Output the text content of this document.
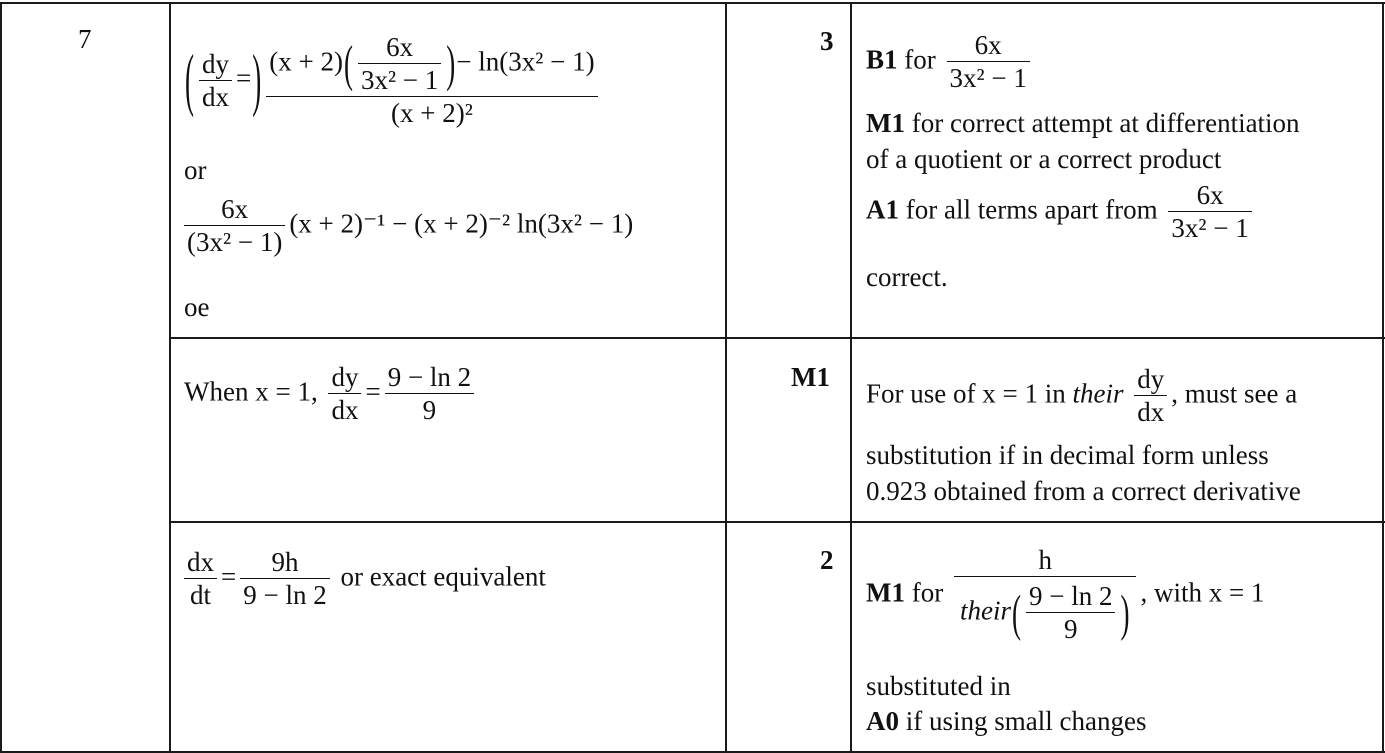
7
( $\frac{dy}{dx}$ =) $\frac{(x + 2)( \frac{6x}{\text{3x² − 1}} )- \ln(3x^2 - 1)}{\text{(x + 2)²}}$
or
$\frac{6x}{\text{(3x² − 1)}} (x + 2)^{-1} - (x + 2)^{-2}$ ln(3x² − 1)
oe
3
B1 for $\frac{6x}{\text{3x² − 1}}$
M1 for correct attempt at differentiation
of a quotient or a correct product
A1 for all terms apart from $\frac{6x}{\text{3x² − 1}}$
correct.
When x = 1, $\frac{dy}{dx} = \frac{9 - \ln 2}{9}$	M1
For use of x = 1 in their $\frac{dy}{dx}$ , must see a
substitution if in decimal form unless
0.923 obtained from a correct derivative
$\frac{dx}{dt} = \frac{9h}{9 - \ln 2}$ or exact equivalent
2
M1 for $\frac{h}{their( \frac{9 - \ln 2}{9} )}$ , with x = 1
substituted in
A0 if using small changes
